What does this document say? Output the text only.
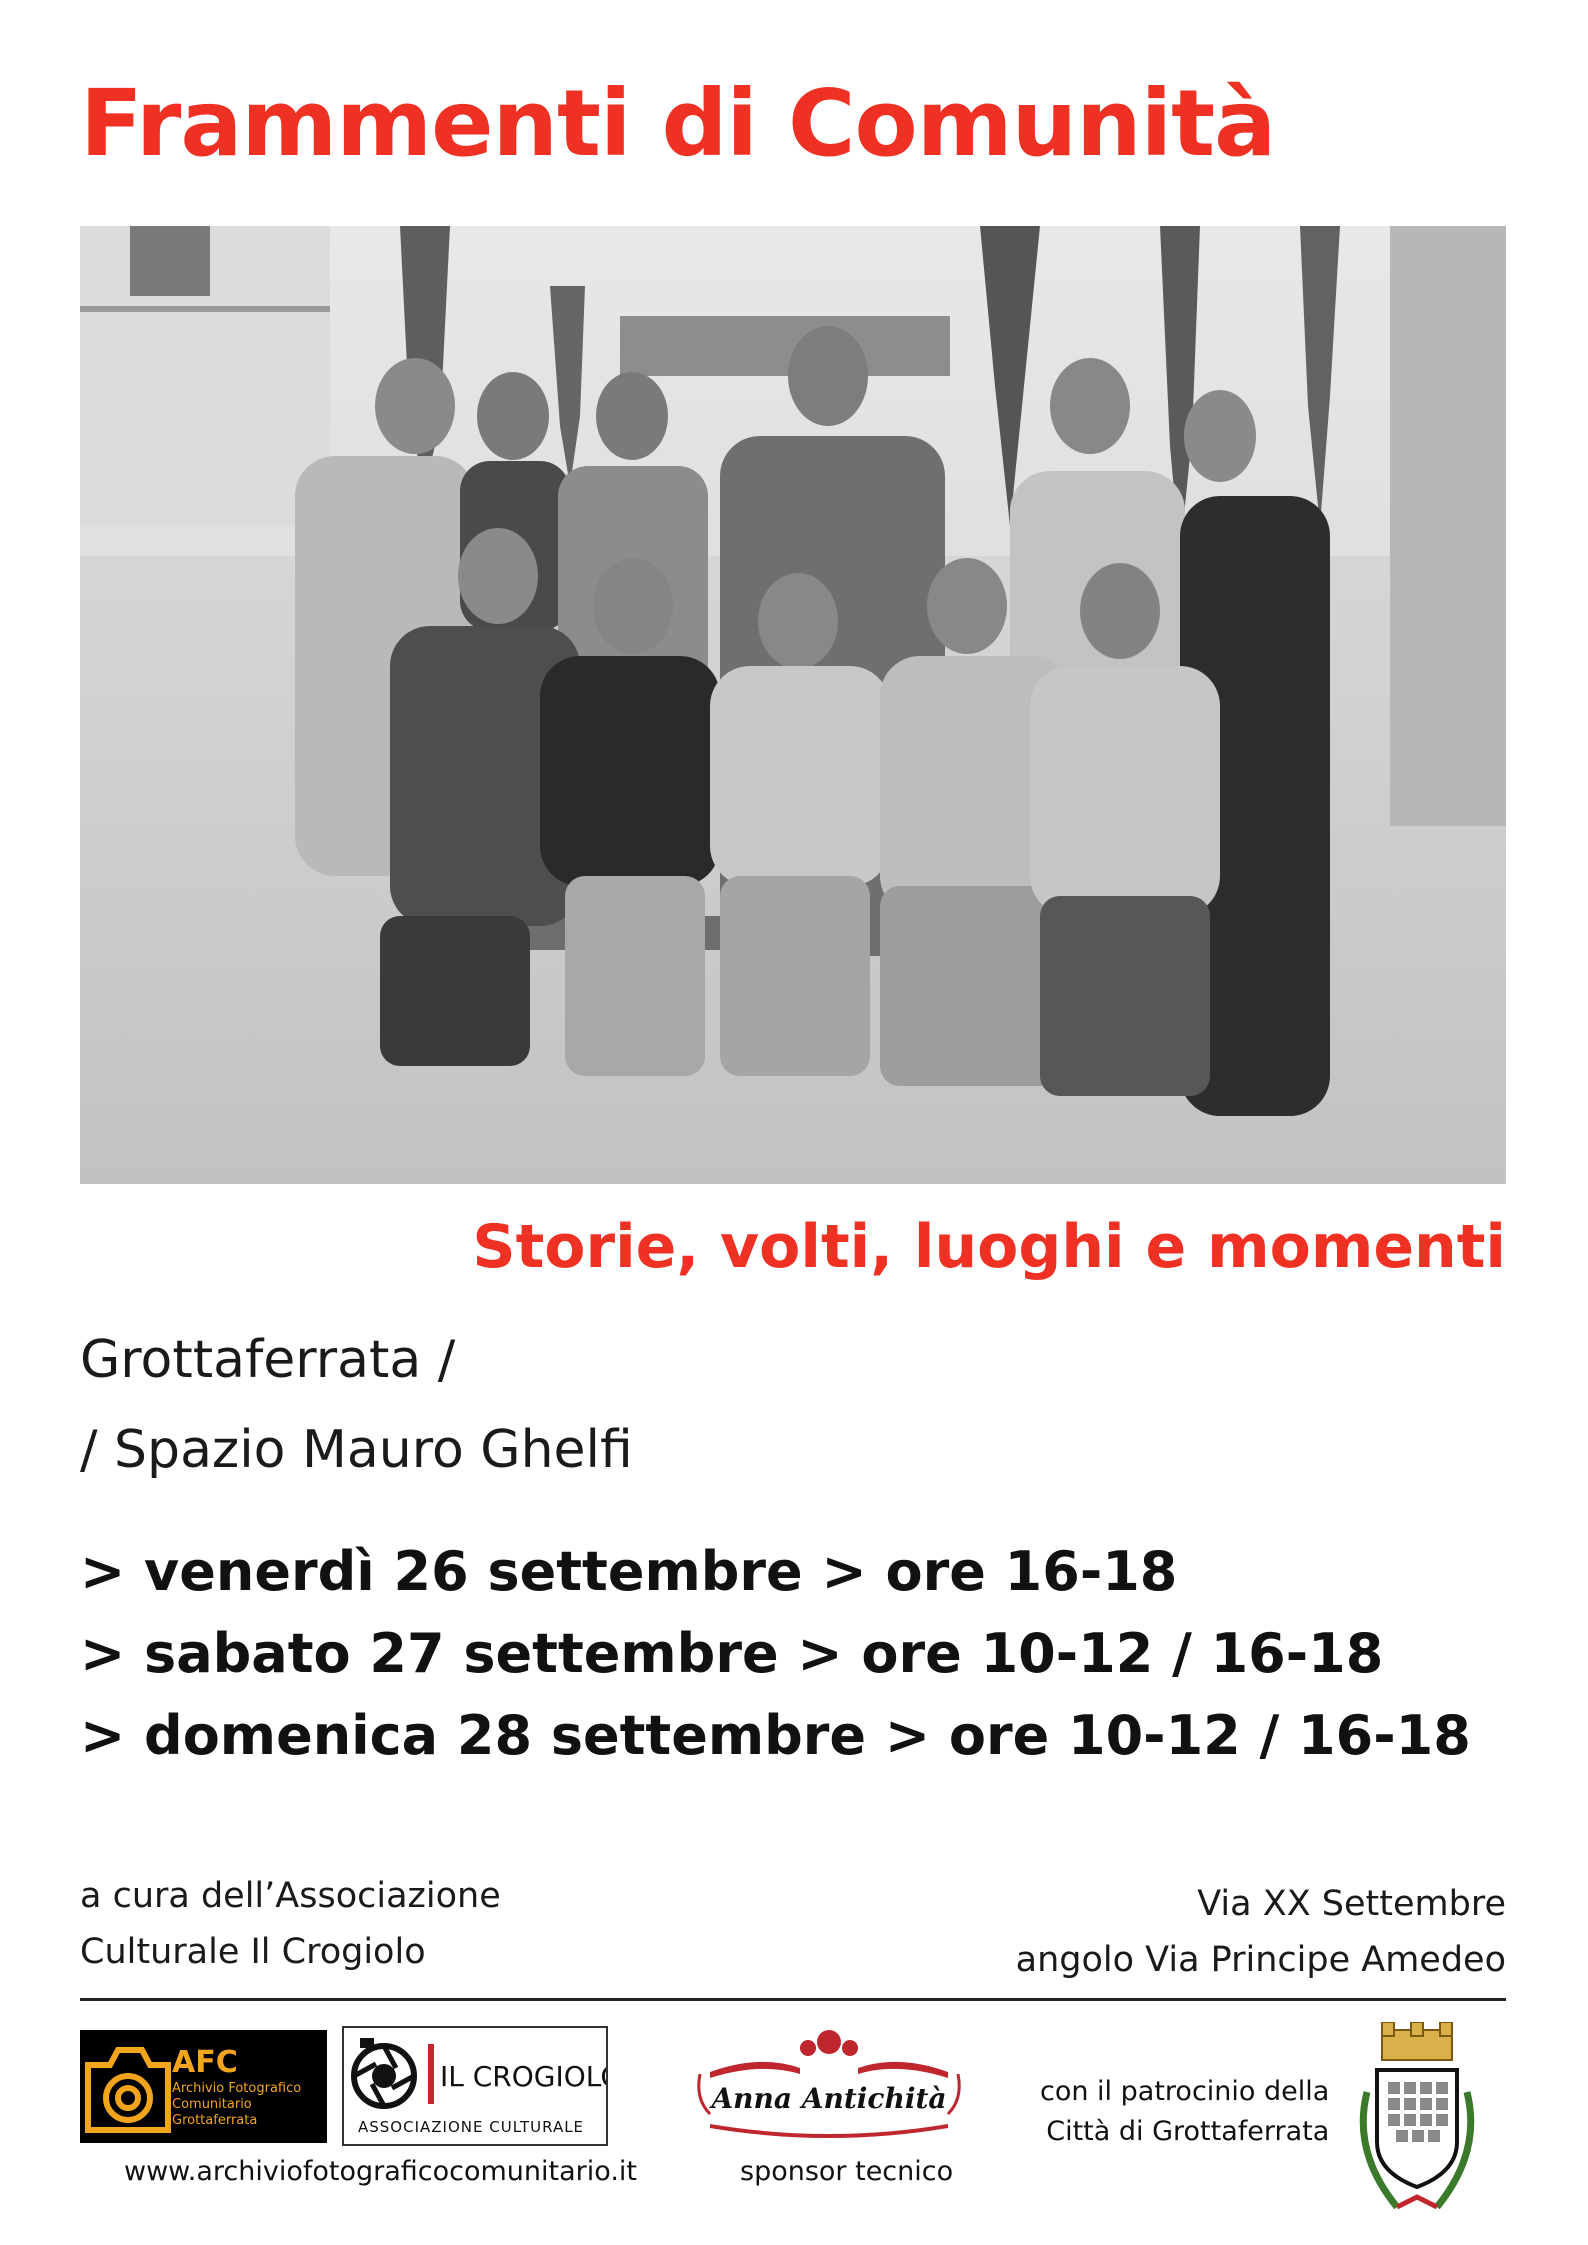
Frammenti di Comunità
Storie, volti, luoghi e momenti
Grottaferrata /
/ Spazio Mauro Ghelfi
> venerdì 26 settembre > ore 16-18
> sabato 27 settembre > ore 10-12 / 16-18
> domenica 28 settembre > ore 10-12 / 16-18
a cura dell’Associazione
Culturale Il Crogiolo
Via XX Settembre
angolo Via Principe Amedeo
AFC
Archivio Fotografico
Comunitario
Grottaferrata
IL CROGIOLO
ASSOCIAZIONE CULTURALE
Anna Antichità
www.archiviofotograficocomunitario.it	sponsor tecnico
con il patrocinio della
Città di Grottaferrata
